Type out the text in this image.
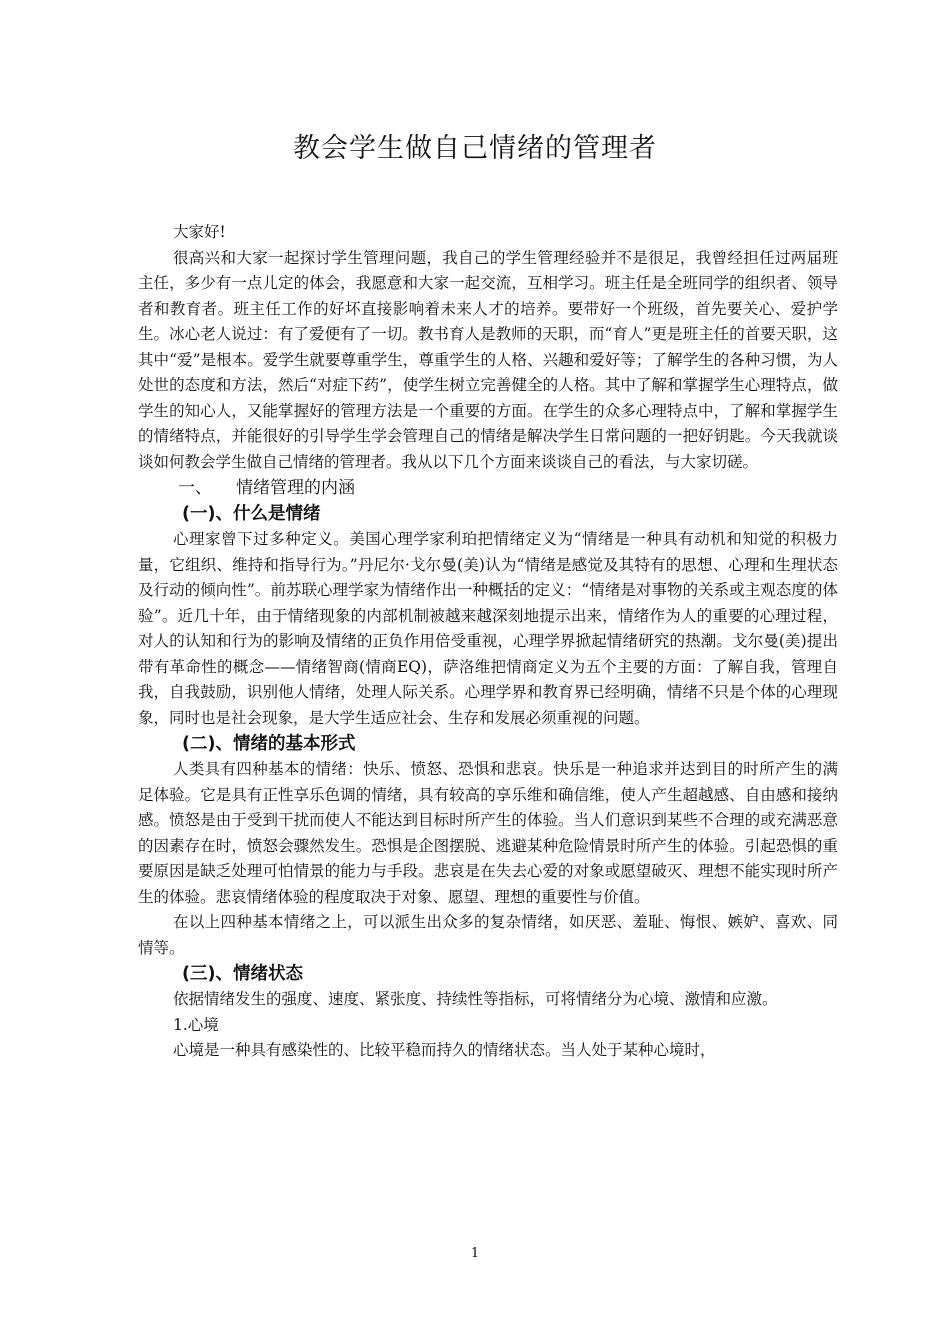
教会学生做自己情绪的管理者

大家好!

很高兴和大家一起探讨学生管理问题，我自己的学生管理经验并不是很足，我曾经担任过两届班主任，多少有一点儿定的体会，我愿意和大家一起交流，互相学习。班主任是全班同学的组织者、领导者和教育者。班主任工作的好坏直接影响着未来人才的培养。要带好一个班级，首先要关心、爱护学生。冰心老人说过：有了爱便有了一切。教书育人是教师的天职，而“育人”更是班主任的首要天职，这其中“爱”是根本。爱学生就要尊重学生，尊重学生的人格、兴趣和爱好等；了解学生的各种习惯，为人处世的态度和方法，然后“对症下药”，使学生树立完善健全的人格。其中了解和掌握学生心理特点，做学生的知心人，又能掌握好的管理方法是一个重要的方面。在学生的众多心理特点中，了解和掌握学生的情绪特点，并能很好的引导学生学会管理自己的情绪是解决学生日常问题的一把好钥匙。今天我就谈谈如何教会学生做自己情绪的管理者。我从以下几个方面来谈谈自己的看法，与大家切磋。

一、 情绪管理的内涵

(一)、什么是情绪

心理家曾下过多种定义。美国心理学家利珀把情绪定义为“情绪是一种具有动机和知觉的积极力量，它组织、维持和指导行为。”丹尼尔·戈尔曼(美)认为“情绪是感觉及其特有的思想、心理和生理状态及行动的倾向性”。前苏联心理学家为情绪作出一种概括的定义：“情绪是对事物的关系或主观态度的体验”。近几十年，由于情绪现象的内部机制被越来越深刻地提示出来，情绪作为人的重要的心理过程，对人的认知和行为的影响及情绪的正负作用倍受重视，心理学界掀起情绪研究的热潮。戈尔曼(美)提出带有革命性的概念——情绪智商(情商EQ)，萨洛维把情商定义为五个主要的方面：了解自我，管理自我，自我鼓励，识别他人情绪，处理人际关系。心理学界和教育界已经明确，情绪不只是个体的心理现象，同时也是社会现象，是大学生适应社会、生存和发展必须重视的问题。

(二)、情绪的基本形式

人类具有四种基本的情绪：快乐、愤怒、恐惧和悲哀。快乐是一种追求并达到目的时所产生的满足体验。它是具有正性享乐色调的情绪，具有较高的享乐维和确信维，使人产生超越感、自由感和接纳感。愤怒是由于受到干扰而使人不能达到目标时所产生的体验。当人们意识到某些不合理的或充满恶意的因素存在时，愤怒会骤然发生。恐惧是企图摆脱、逃避某种危险情景时所产生的体验。引起恐惧的重要原因是缺乏处理可怕情景的能力与手段。悲哀是在失去心爱的对象或愿望破灭、理想不能实现时所产生的体验。悲哀情绪体验的程度取决于对象、愿望、理想的重要性与价值。

在以上四种基本情绪之上，可以派生出众多的复杂情绪，如厌恶、羞耻、悔恨、嫉妒、喜欢、同情等。

(三)、情绪状态

依据情绪发生的强度、速度、紧张度、持续性等指标，可将情绪分为心境、激情和应激。

1.心境

心境是一种具有感染性的、比较平稳而持久的情绪状态。当人处于某种心境时，

1
